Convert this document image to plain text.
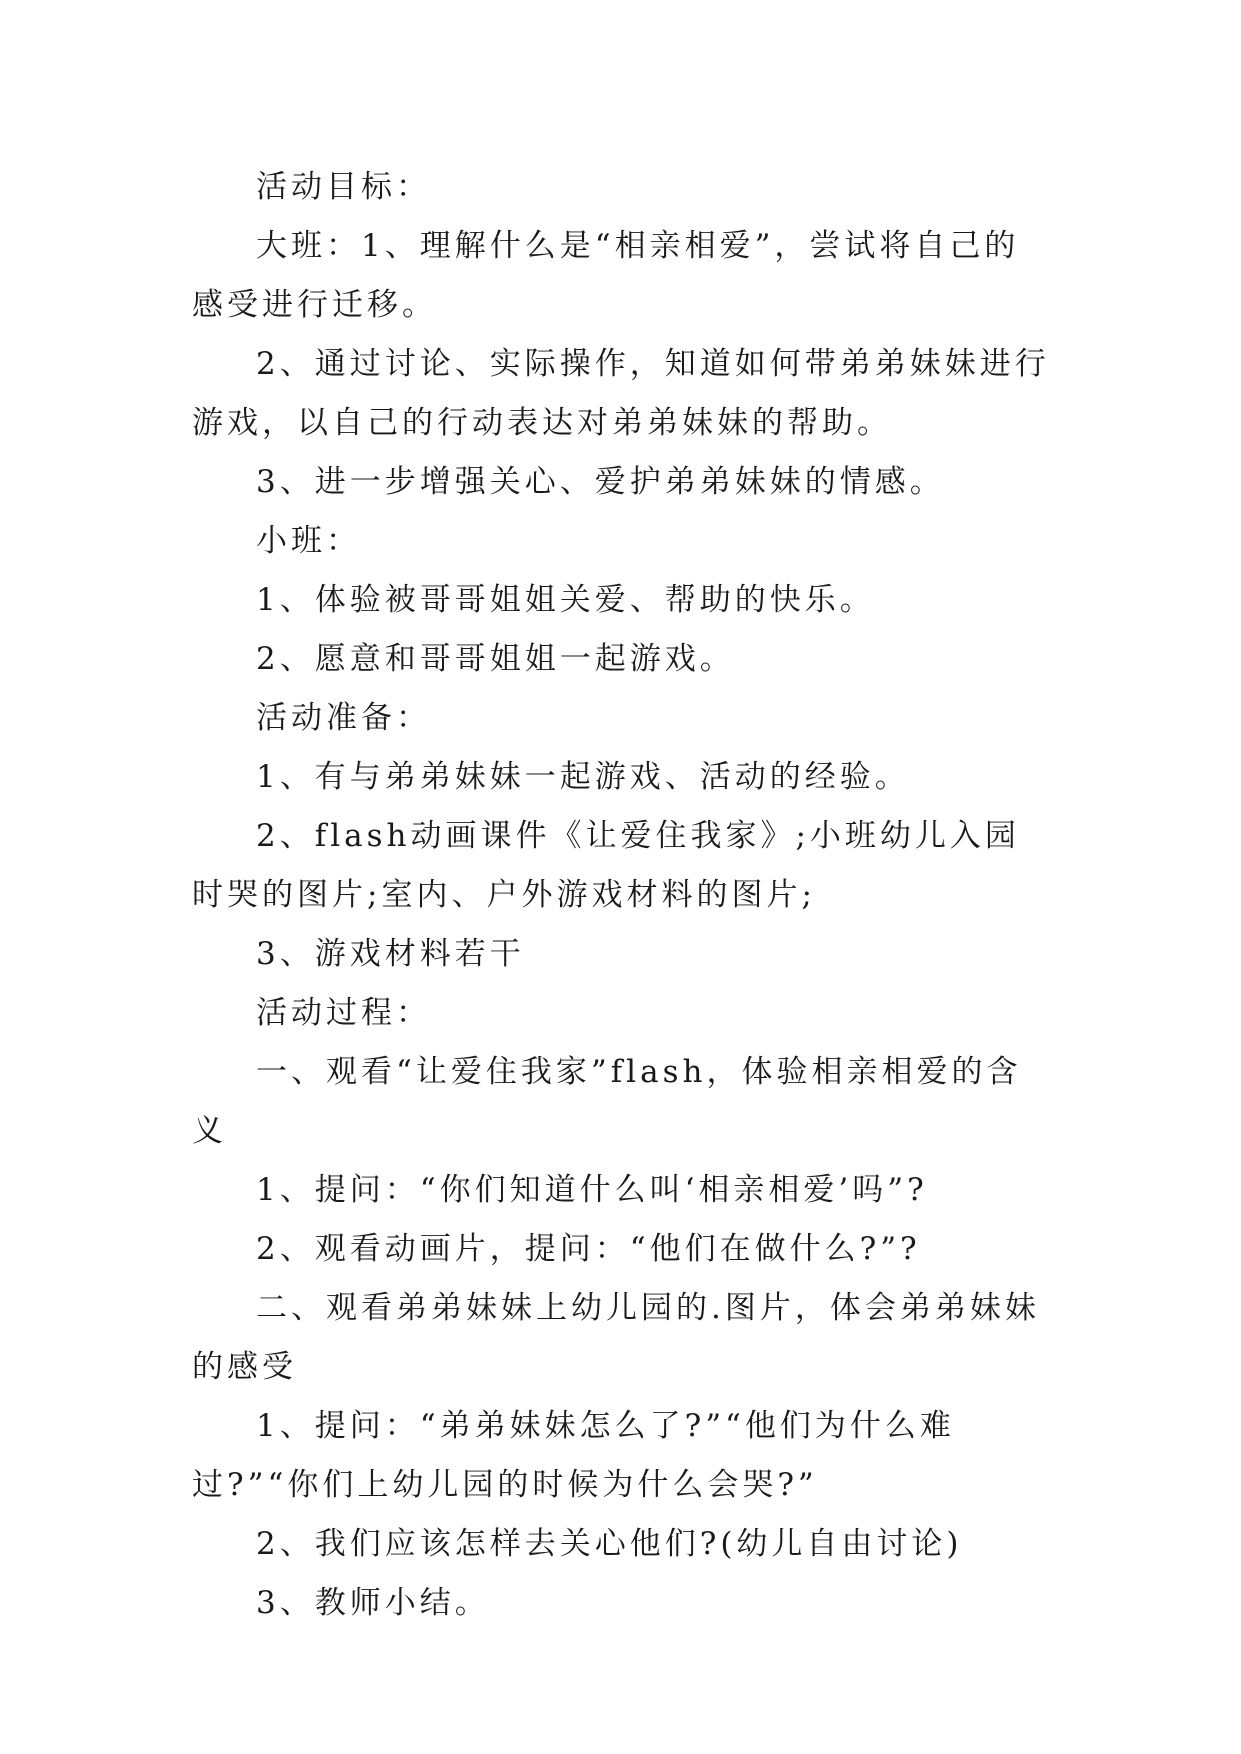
活动目标：

大班：1、理解什么是“相亲相爱”，尝试将自己的感受进行迁移。

2、通过讨论、实际操作，知道如何带弟弟妹妹进行游戏，以自己的行动表达对弟弟妹妹的帮助。

3、进一步增强关心、爱护弟弟妹妹的情感。

小班：

1、体验被哥哥姐姐关爱、帮助的快乐。

2、愿意和哥哥姐姐一起游戏。

活动准备：

1、有与弟弟妹妹一起游戏、活动的经验。

2、flash动画课件《让爱住我家》;小班幼儿入园时哭的图片;室内、户外游戏材料的图片;

3、游戏材料若干

活动过程：

一、观看“让爱住我家”flash，体验相亲相爱的含义

1、提问：“你们知道什么叫‘相亲相爱’吗”?

2、观看动画片，提问：“他们在做什么?”?

二、观看弟弟妹妹上幼儿园的.图片，体会弟弟妹妹的感受

1、提问：“弟弟妹妹怎么了?”“他们为什么难过?”“你们上幼儿园的时候为什么会哭?”

2、我们应该怎样去关心他们?(幼儿自由讨论)

3、教师小结。
